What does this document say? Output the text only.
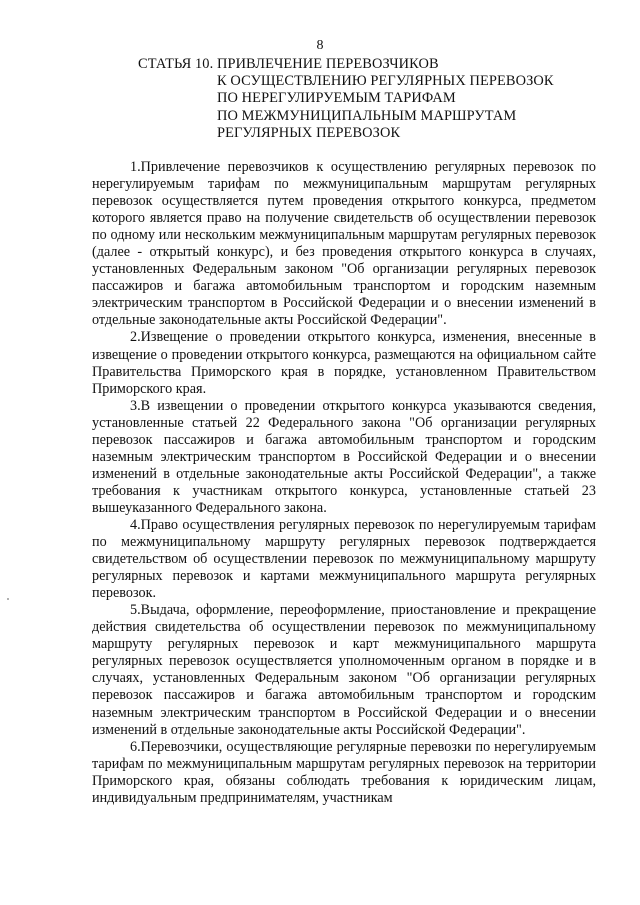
8
СТАТЬЯ 10. ПРИВЛЕЧЕНИЕ ПЕРЕВОЗЧИКОВ
К ОСУЩЕСТВЛЕНИЮ РЕГУЛЯРНЫХ ПЕРЕВОЗОК
ПО НЕРЕГУЛИРУЕМЫМ ТАРИФАМ
ПО МЕЖМУНИЦИПАЛЬНЫМ МАРШРУТАМ
РЕГУЛЯРНЫХ ПЕРЕВОЗОК

1.Привлечение перевозчиков к осуществлению регулярных перевозок по нерегулируемым тарифам по межмуниципальным маршрутам регулярных перевозок осуществляется путем проведения открытого конкурса, предметом которого является право на получение свидетельств об осуществлении перевозок по одному или нескольким межмуниципальным маршрутам регулярных перевозок (далее - открытый конкурс), и без проведения открытого конкурса в случаях, установленных Федеральным законом "Об организации регулярных перевозок пассажиров и багажа автомобильным транспортом и городским наземным электрическим транспортом в Российской Федерации и о внесении изменений в отдельные законодательные акты Российской Федерации".

2.Извещение о проведении открытого конкурса, изменения, внесенные в извещение о проведении открытого конкурса, размещаются на официальном сайте Правительства Приморского края в порядке, установленном Правительством Приморского края.

3.В извещении о проведении открытого конкурса указываются сведения, установленные статьей 22 Федерального закона "Об организации регулярных перевозок пассажиров и багажа автомобильным транспортом и городским наземным электрическим транспортом в Российской Федерации и о внесении изменений в отдельные законодательные акты Российской Федерации", а также требования к участникам открытого конкурса, установленные статьей 23 вышеуказанного Федерального закона.

4.Право осуществления регулярных перевозок по нерегулируемым тарифам по межмуниципальному маршруту регулярных перевозок подтверждается свидетельством об осуществлении перевозок по межмуниципальному маршруту регулярных перевозок и картами межмуниципального маршрута регулярных перевозок.

5.Выдача, оформление, переоформление, приостановление и прекращение действия свидетельства об осуществлении перевозок по межмуниципальному маршруту регулярных перевозок и карт межмуниципального маршрута регулярных перевозок осуществляется уполномоченным органом в порядке и в случаях, установленных Федеральным законом "Об организации регулярных перевозок пассажиров и багажа автомобильным транспортом и городским наземным электрическим транспортом в Российской Федерации и о внесении изменений в отдельные законодательные акты Российской Федерации".

6.Перевозчики, осуществляющие регулярные перевозки по нерегулируемым тарифам по межмуниципальным маршрутам регулярных перевозок на территории Приморского края, обязаны соблюдать требования к юридическим лицам, индивидуальным предпринимателям, участникам
